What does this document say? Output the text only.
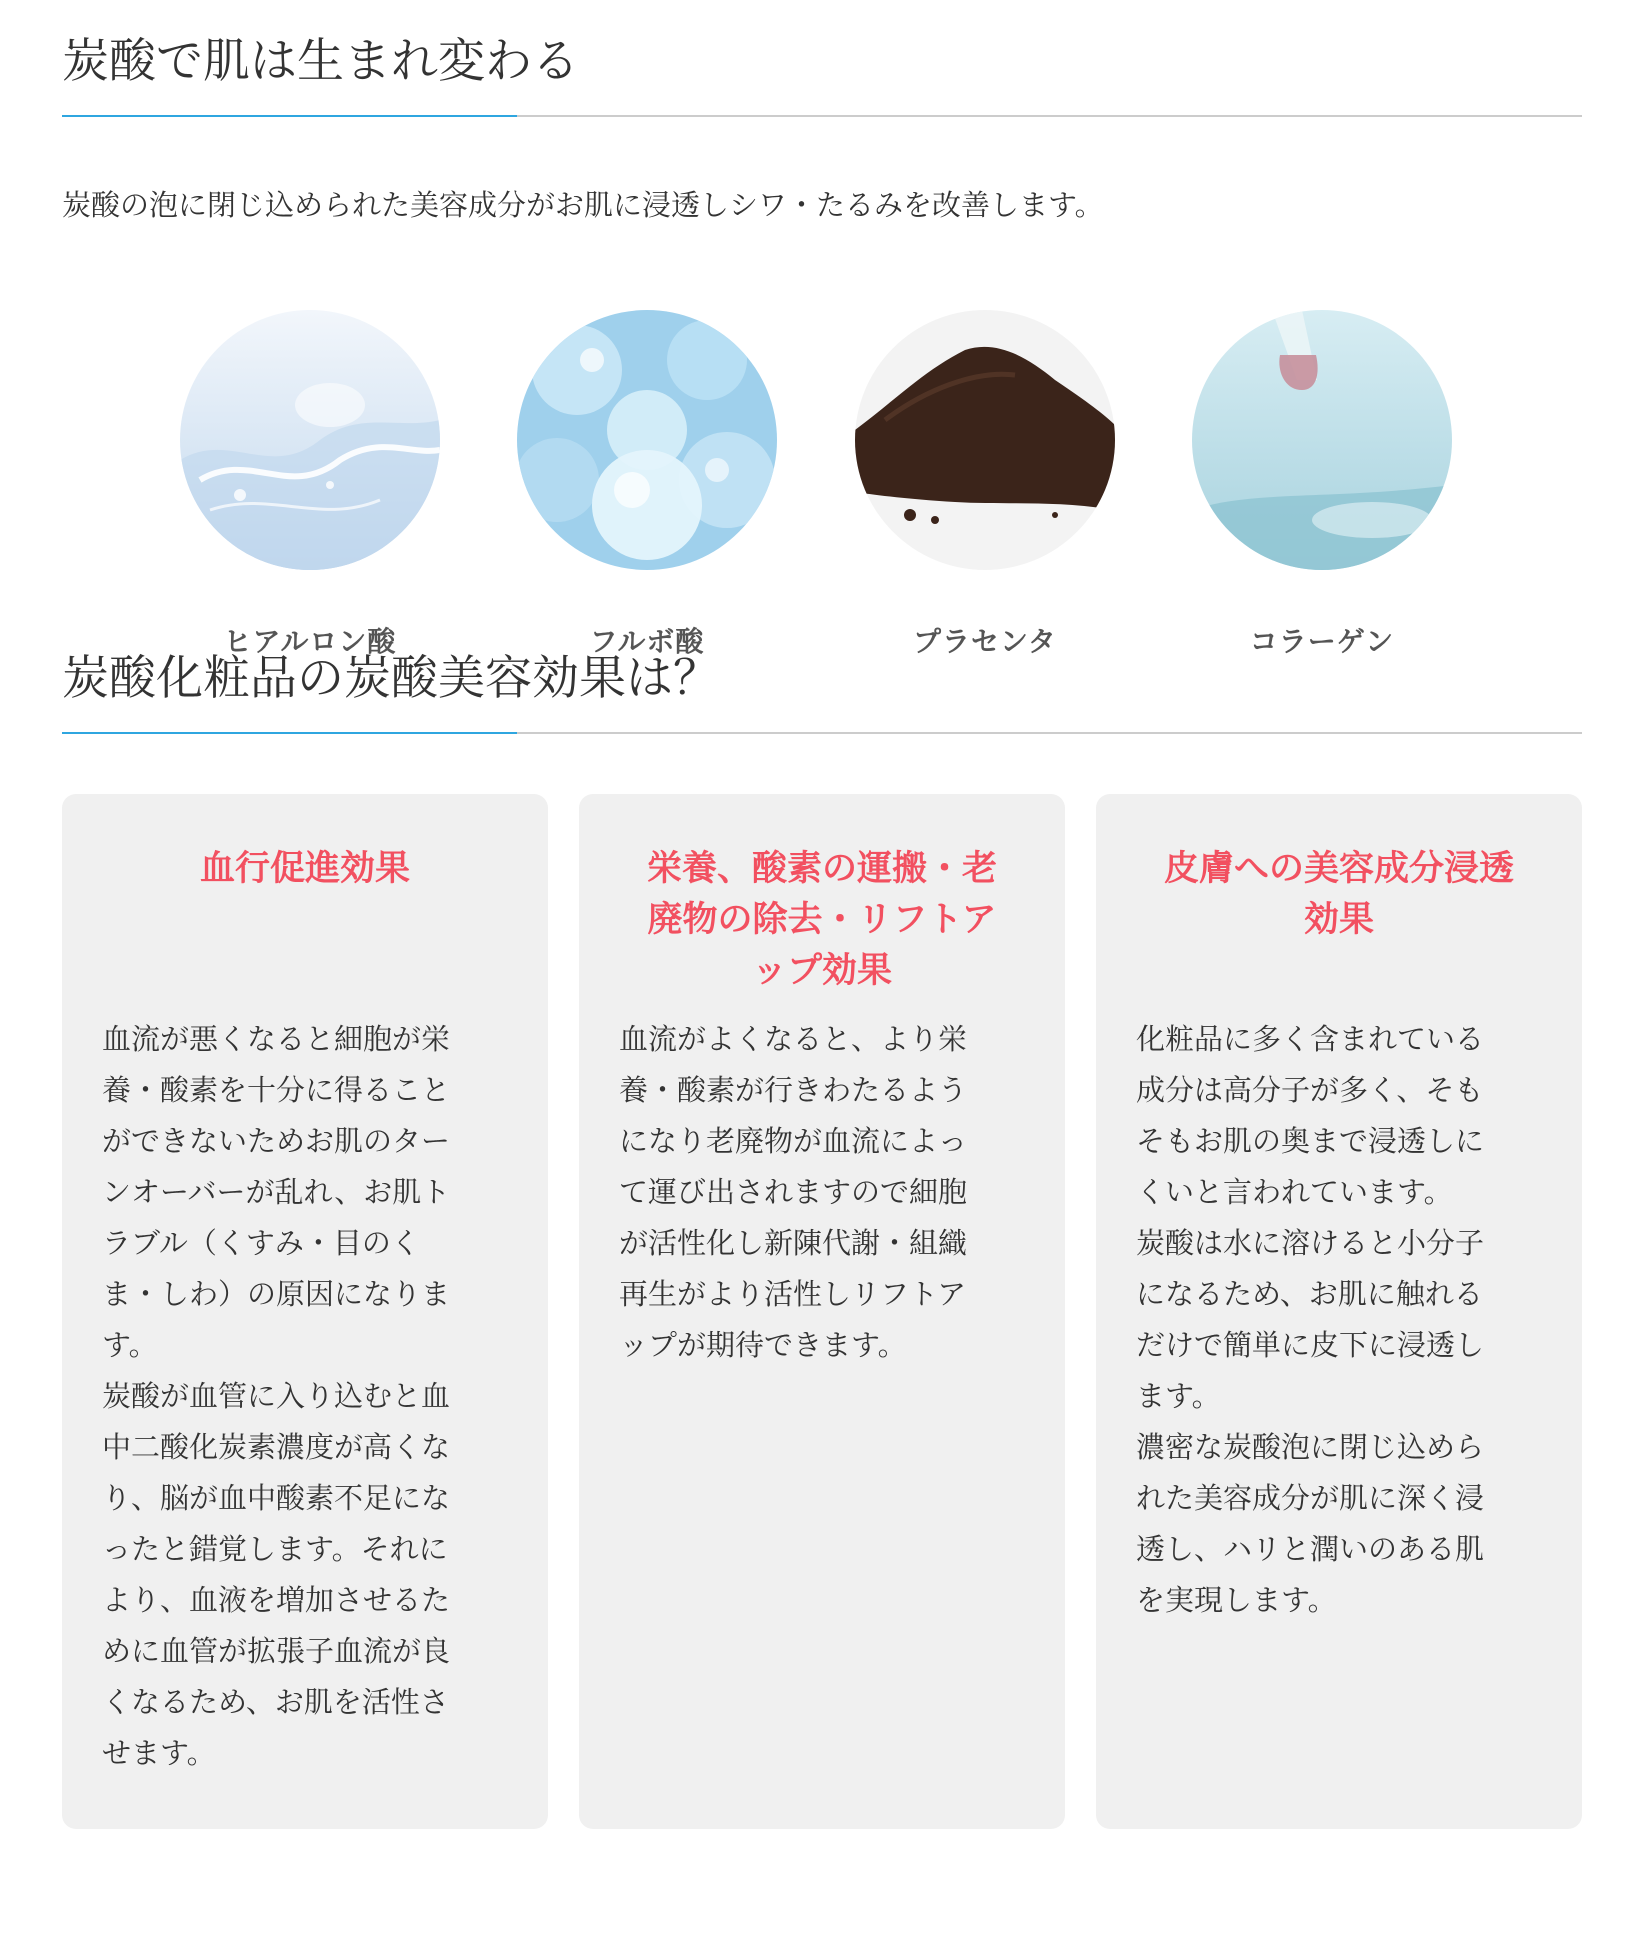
炭酸で肌は生まれ変わる

炭酸の泡に閉じ込められた美容成分がお肌に浸透しシワ・たるみを改善します。

ヒアルロン酸	フルボ酸	プラセンタ	コラーゲン
炭酸化粧品の炭酸美容効果は？
血行促進効果

血流が悪くなると細胞が栄
養・酸素を十分に得ること
ができないためお肌のター
ンオーバーが乱れ、お肌ト
ラブル（くすみ・目のく
ま・しわ）の原因になりま
す。
炭酸が血管に入り込むと血
中二酸化炭素濃度が高くな
り、脳が血中酸素不足にな
ったと錯覚します。それに
より、血液を増加させるた
めに血管が拡張子血流が良
くなるため、お肌を活性さ
せます。

栄養、酸素の運搬・老
廃物の除去・リフトア
ップ効果

血流がよくなると、より栄
養・酸素が行きわたるよう
になり老廃物が血流によっ
て運び出されますので細胞
が活性化し新陳代謝・組織
再生がより活性しリフトア
ップが期待できます。

皮膚への美容成分浸透
効果

化粧品に多く含まれている
成分は高分子が多く、そも
そもお肌の奥まで浸透しに
くいと言われています。
炭酸は水に溶けると小分子
になるため、お肌に触れる
だけで簡単に皮下に浸透し
ます。
濃密な炭酸泡に閉じ込めら
れた美容成分が肌に深く浸
透し、ハリと潤いのある肌
を実現します。
